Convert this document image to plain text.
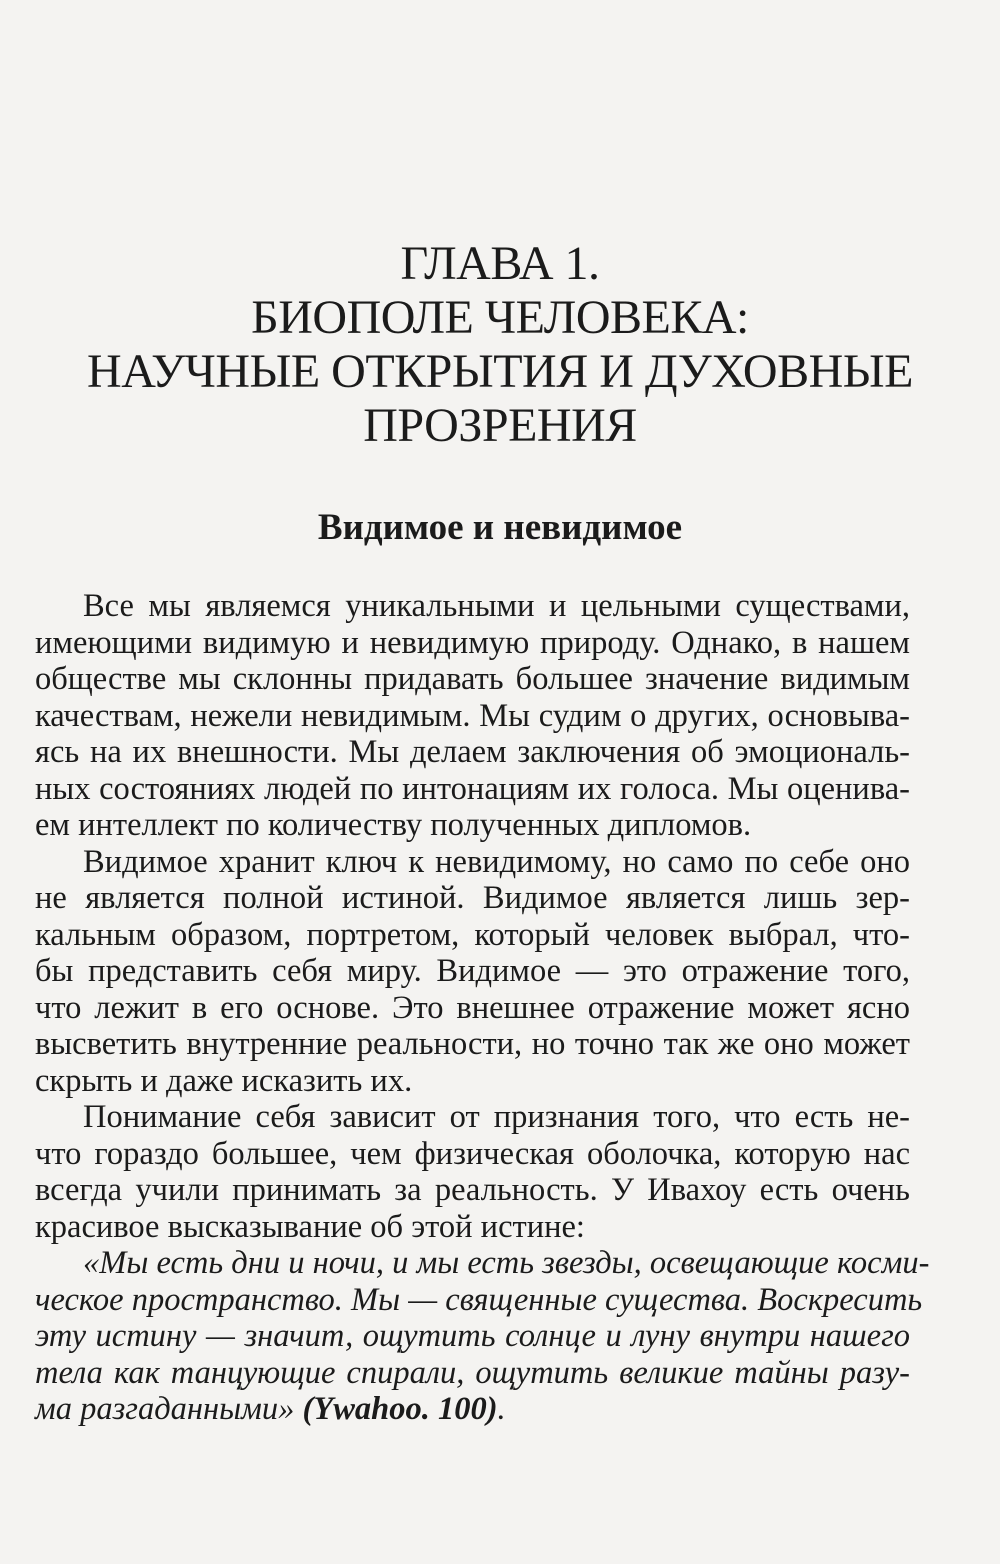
ГЛАВА 1.
БИОПОЛЕ ЧЕЛОВЕКА:
НАУЧНЫЕ ОТКРЫТИЯ И ДУХОВНЫЕ
ПРОЗРЕНИЯ
Видимое и невидимое
Все мы являемся уникальными и цельными существами,
имеющими видимую и невидимую природу. Однако, в нашем
обществе мы склонны придавать большее значение видимым
качествам, нежели невидимым. Мы судим о других, основыва-
ясь на их внешности. Мы делаем заключения об эмоциональ-
ных состояниях людей по интонациям их голоса. Мы оценива-
ем интеллект по количеству полученных дипломов.
Видимое хранит ключ к невидимому, но само по себе оно
не является полной истиной. Видимое является лишь зер-
кальным образом, портретом, который человек выбрал, что-
бы представить себя миру. Видимое — это отражение того,
что лежит в его основе. Это внешнее отражение может ясно
высветить внутренние реальности, но точно так же оно может
скрыть и даже исказить их.
Понимание себя зависит от признания того, что есть не-
что гораздо большее, чем физическая оболочка, которую нас
всегда учили принимать за реальность. У Ивахоу есть очень
красивое высказывание об этой истине:
«Мы есть дни и ночи, и мы есть звезды, освещающие косми-
ческое пространство. Мы — священные существа. Воскресить
эту истину — значит, ощутить солнце и луну внутри нашего
тела как танцующие спирали, ощутить великие тайны разу-
ма разгаданными» (Ywahoo. 100).
